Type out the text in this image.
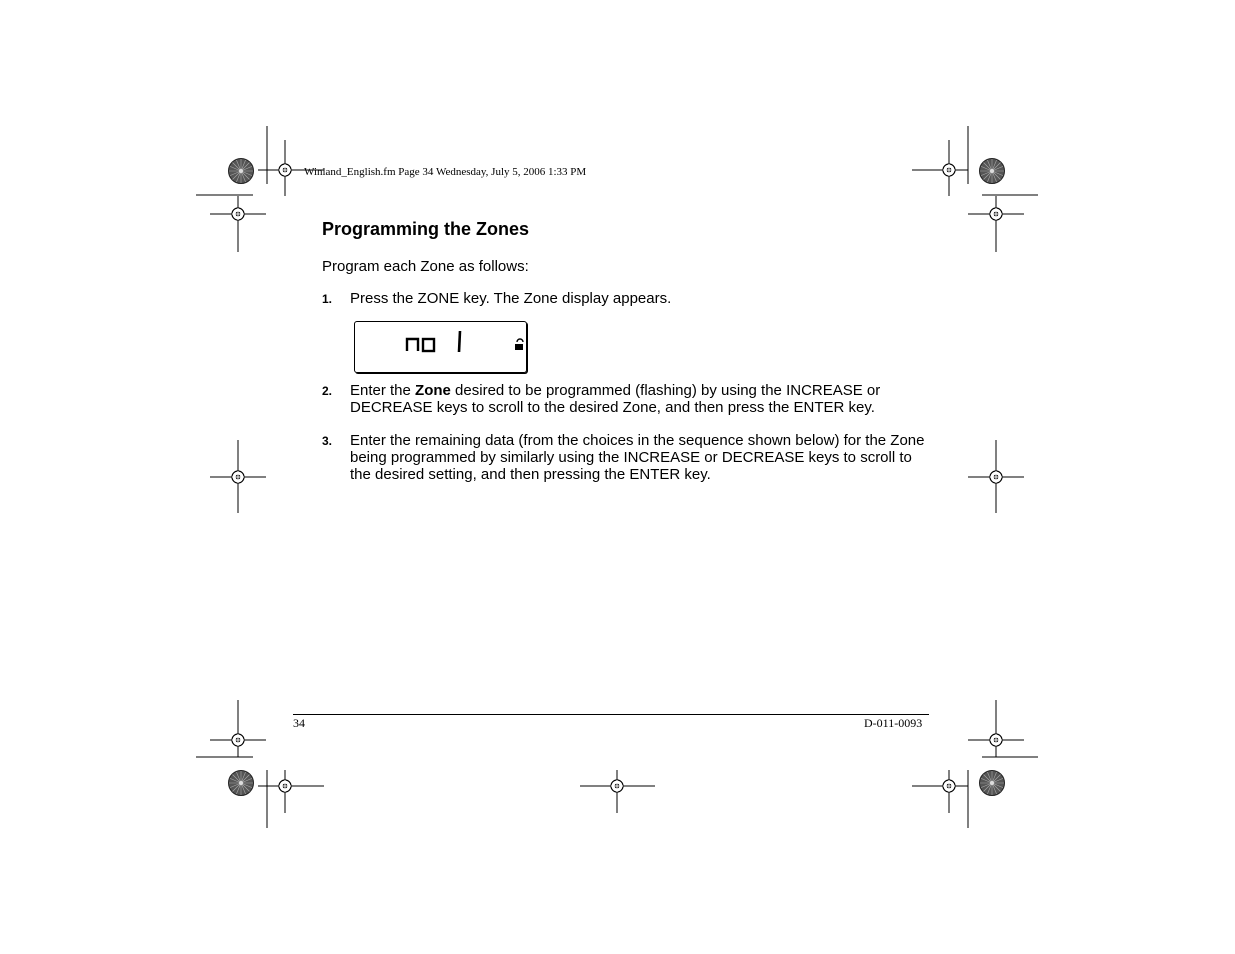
Winland_English.fm Page 34 Wednesday, July 5, 2006 1:33 PM
Programming the Zones
Program each Zone as follows:
1. Press the ZONE key. The Zone display appears.
2. Enter the Zone desired to be programmed (flashing) by using the INCREASE or DECREASE keys to scroll to the desired Zone, and then press the ENTER key.
3. Enter the remaining data (from the choices in the sequence shown below) for the Zone being programmed by similarly using the INCREASE or DECREASE keys to scroll to the desired setting, and then pressing the ENTER key.
34	D-011-0093
